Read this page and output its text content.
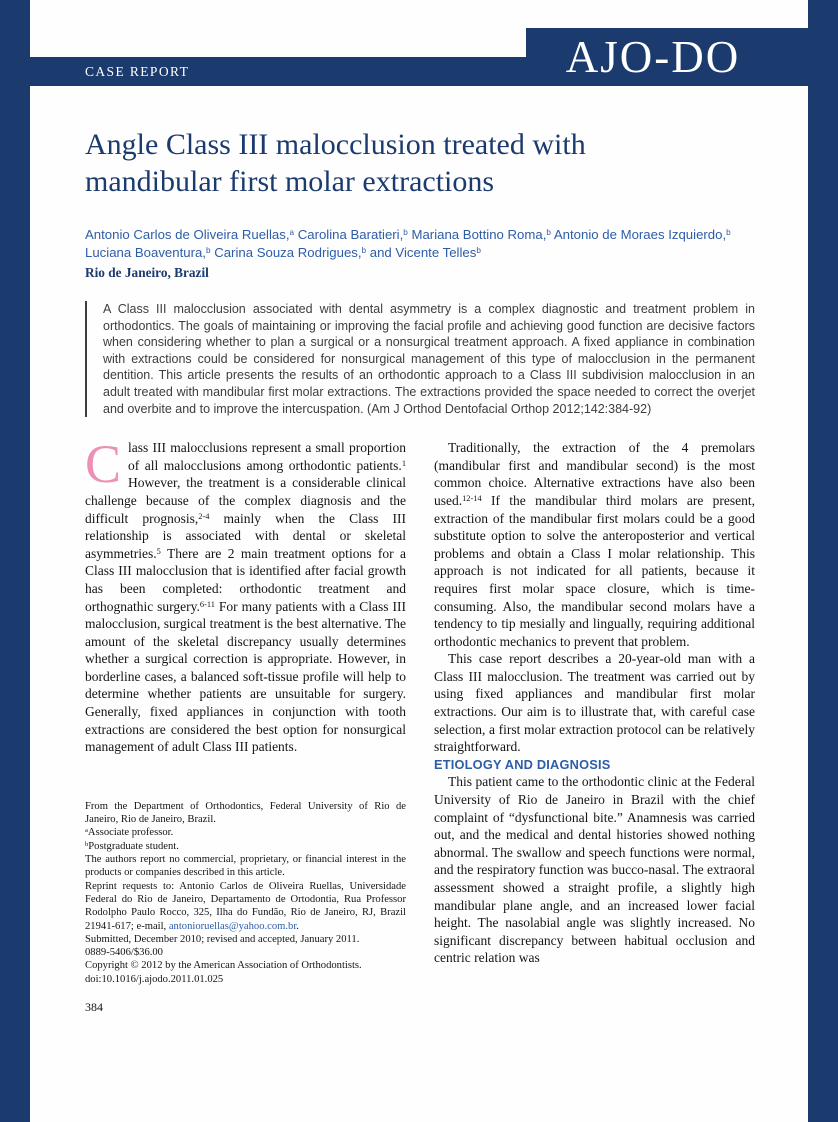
CASE REPORT	AJO-DO
Angle Class III malocclusion treated with
mandibular first molar extractions
Antonio Carlos de Oliveira Ruellas,$^a$ Carolina Baratieri,$^b$ Mariana Bottino Roma,$^b$ Antonio de Moraes Izquierdo,$^b$
Luciana Boaventura,$^b$ Carina Souza Rodrigues,$^b$ and Vicente Telles$^b$
Rio de Janeiro, Brazil
A Class III malocclusion associated with dental asymmetry is a complex diagnostic and treatment problem in orthodontics. The goals of maintaining or improving the facial profile and achieving good function are decisive factors when considering whether to plan a surgical or a nonsurgical treatment approach. A fixed appliance in combination with extractions could be considered for nonsurgical management of this type of malocclusion in the permanent dentition. This article presents the results of an orthodontic approach to a Class III subdivision malocclusion in an adult treated with mandibular first molar extractions. The extractions provided the space needed to correct the overjet and overbite and to improve the intercuspation. (Am J Orthod Dentofacial Orthop 2012;142:384-92)

Class III malocclusions represent a small proportion of all malocclusions among orthodontic patients.$^1$ However, the treatment is a considerable clinical challenge because of the complex diagnosis and the difficult prognosis,$^{2-4}$ mainly when the Class III relationship is associated with dental or skeletal asymmetries.$^5$ There are 2 main treatment options for a Class III malocclusion that is identified after facial growth has been completed: orthodontic treatment and orthognathic surgery.$^{6-11}$ For many patients with a Class III malocclusion, surgical treatment is the best alternative. The amount of the skeletal discrepancy usually determines whether a surgical correction is appropriate. However, in borderline cases, a balanced soft-tissue profile will help to determine whether patients are unsuitable for surgery. Generally, fixed appliances in conjunction with tooth extractions are considered the best option for nonsurgical management of adult Class III patients.

From the Department of Orthodontics, Federal University of Rio de Janeiro, Rio de Janeiro, Brazil.
$^a$Associate professor.
$^b$Postgraduate student.
The authors report no commercial, proprietary, or financial interest in the products or companies described in this article.
Reprint requests to: Antonio Carlos de Oliveira Ruellas, Universidade Federal do Rio de Janeiro, Departamento de Ortodontia, Rua Professor Rodolpho Paulo Rocco, 325, Ilha do Fundão, Rio de Janeiro, RJ, Brazil 21941-617; e-mail, antonioruellas@yahoo.com.br.
Submitted, December 2010; revised and accepted, January 2011.
0889-5406/$36.00
Copyright © 2012 by the American Association of Orthodontists.
doi:10.1016/j.ajodo.2011.01.025
384

Traditionally, the extraction of the 4 premolars (mandibular first and mandibular second) is the most common choice. Alternative extractions have also been used.$^{12-14}$ If the mandibular third molars are present, extraction of the mandibular first molars could be a good substitute option to solve the anteroposterior and vertical problems and obtain a Class I molar relationship. This approach is not indicated for all patients, because it requires first molar space closure, which is time-consuming. Also, the mandibular second molars have a tendency to tip mesially and lingually, requiring additional orthodontic mechanics to prevent that problem.

This case report describes a 20-year-old man with a Class III malocclusion. The treatment was carried out by using fixed appliances and mandibular first molar extractions. Our aim is to illustrate that, with careful case selection, a first molar extraction protocol can be relatively straightforward.

ETIOLOGY AND DIAGNOSIS

This patient came to the orthodontic clinic at the Federal University of Rio de Janeiro in Brazil with the chief complaint of “dysfunctional bite.” Anamnesis was carried out, and the medical and dental histories showed nothing abnormal. The swallow and speech functions were normal, and the respiratory function was bucco-nasal. The extraoral assessment showed a straight profile, a slightly high mandibular plane angle, and an increased lower facial height. The nasolabial angle was slightly increased. No significant discrepancy between habitual occlusion and centric relation was
